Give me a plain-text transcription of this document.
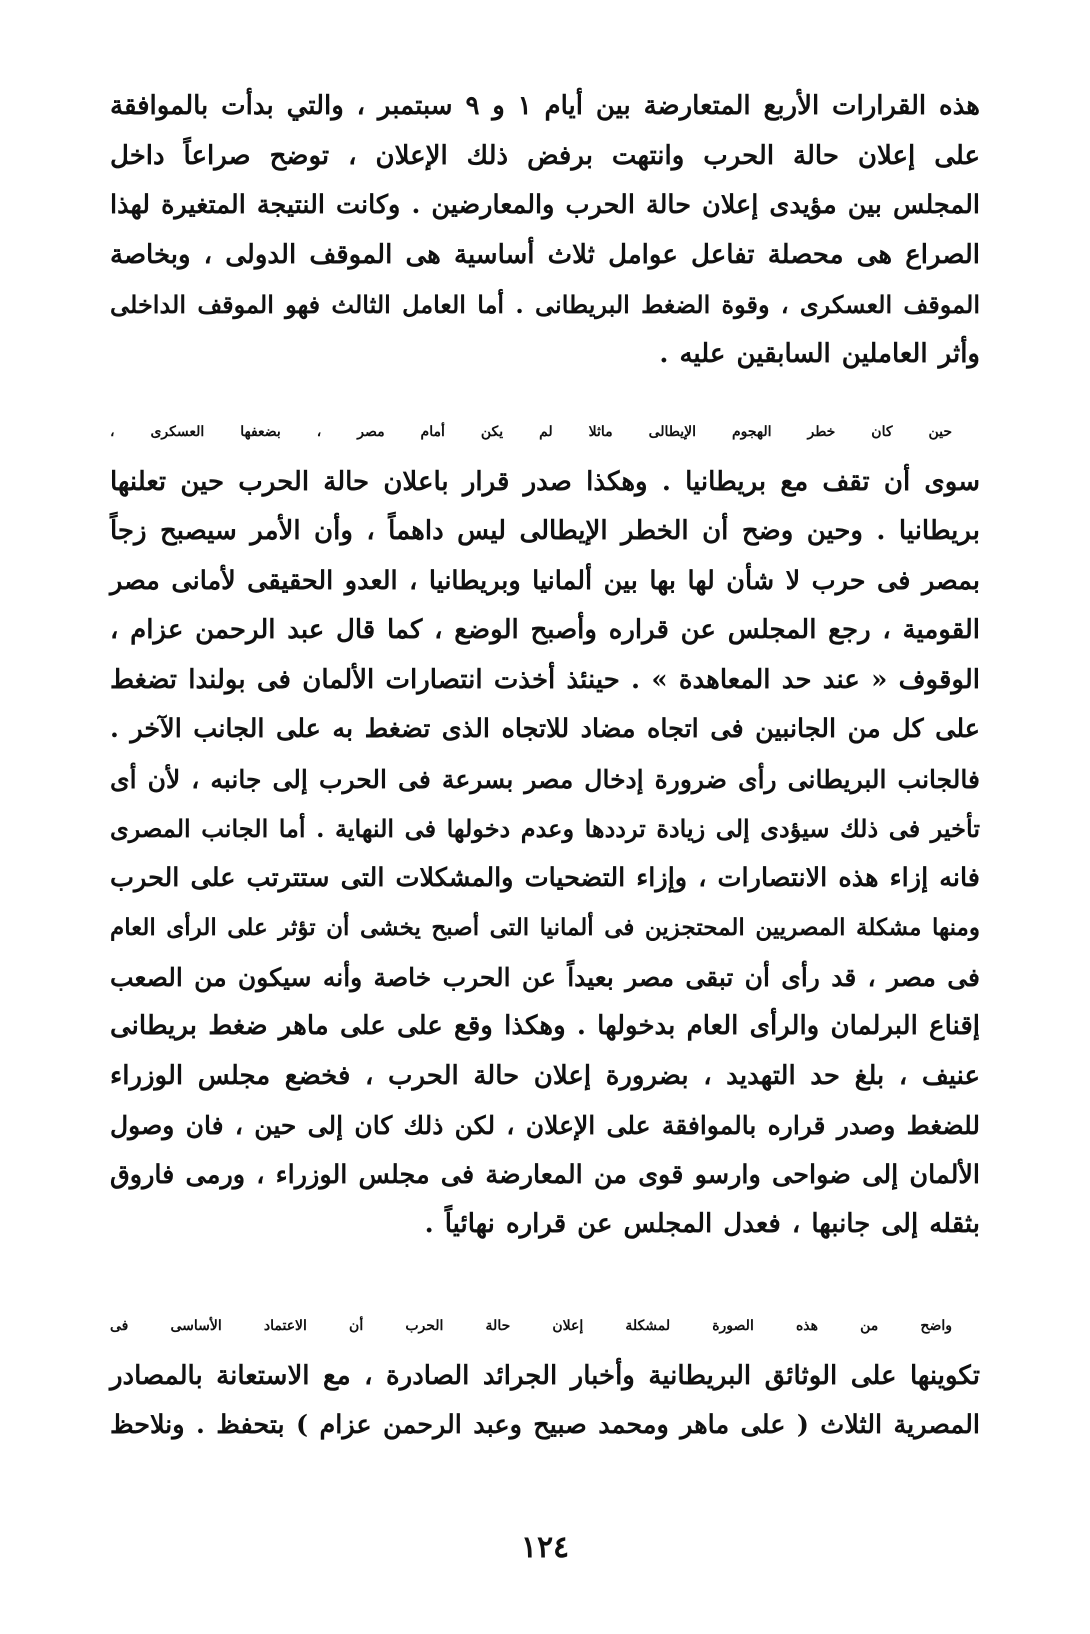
هذه القرارات الأربع المتعارضة بين أيام ١ و ٩ سبتمبر ، والتي بدأت بالموافقة
على إعلان حالة الحرب وانتهت برفض ذلك الإعلان ، توضح صراعاً داخل
المجلس بين مؤيدى إعلان حالة الحرب والمعارضين . وكانت النتيجة المتغيرة لهذا
الصراع هى محصلة تفاعل عوامل ثلاث أساسية هى الموقف الدولى ، وبخاصة
الموقف العسكرى ، وقوة الضغط البريطانى . أما العامل الثالث فهو الموقف الداخلى
وأثر العاملين السابقين عليه .
حين كان خطر الهجوم الإيطالى ماثلا لم يكن أمام مصر ، بضعفها العسكرى ،
سوى أن تقف مع بريطانيا . وهكذا صدر قرار باعلان حالة الحرب حين تعلنها
بريطانيا . وحين وضح أن الخطر الإيطالى ليس داهماً ، وأن الأمر سيصبح زجاً
بمصر فى حرب لا شأن لها بها بين ألمانيا وبريطانيا ، العدو الحقيقى لأمانى مصر
القومية ، رجع المجلس عن قراره وأصبح الوضع ، كما قال عبد الرحمن عزام ،
الوقوف « عند حد المعاهدة » . حينئذ أخذت انتصارات الألمان فى بولندا تضغط
على كل من الجانبين فى اتجاه مضاد للاتجاه الذى تضغط به على الجانب الآخر .
فالجانب البريطانى رأى ضرورة إدخال مصر بسرعة فى الحرب إلى جانبه ، لأن أى
تأخير فى ذلك سيؤدى إلى زيادة ترددها وعدم دخولها فى النهاية . أما الجانب المصرى
فانه إزاء هذه الانتصارات ، وإزاء التضحيات والمشكلات التى ستترتب على الحرب
ومنها مشكلة المصريين المحتجزين فى ألمانيا التى أصبح يخشى أن تؤثر على الرأى العام
فى مصر ، قد رأى أن تبقى مصر بعيداً عن الحرب خاصة وأنه سيكون من الصعب
إقناع البرلمان والرأى العام بدخولها . وهكذا وقع على على ماهر ضغط بريطانى
عنيف ، بلغ حد التهديد ، بضرورة إعلان حالة الحرب ، فخضع مجلس الوزراء
للضغط وصدر قراره بالموافقة على الإعلان ، لكن ذلك كان إلى حين ، فان وصول
الألمان إلى ضواحى وارسو قوى من المعارضة فى مجلس الوزراء ، ورمى فاروق
بثقله إلى جانبها ، فعدل المجلس عن قراره نهائياً .
واضح من هذه الصورة لمشكلة إعلان حالة الحرب أن الاعتماد الأساسى فى
تكوينها على الوثائق البريطانية وأخبار الجرائد الصادرة ، مع الاستعانة بالمصادر
المصرية الثلاث ( على ماهر ومحمد صبيح وعبد الرحمن عزام ) بتحفظ . ونلاحظ
١٢٤
